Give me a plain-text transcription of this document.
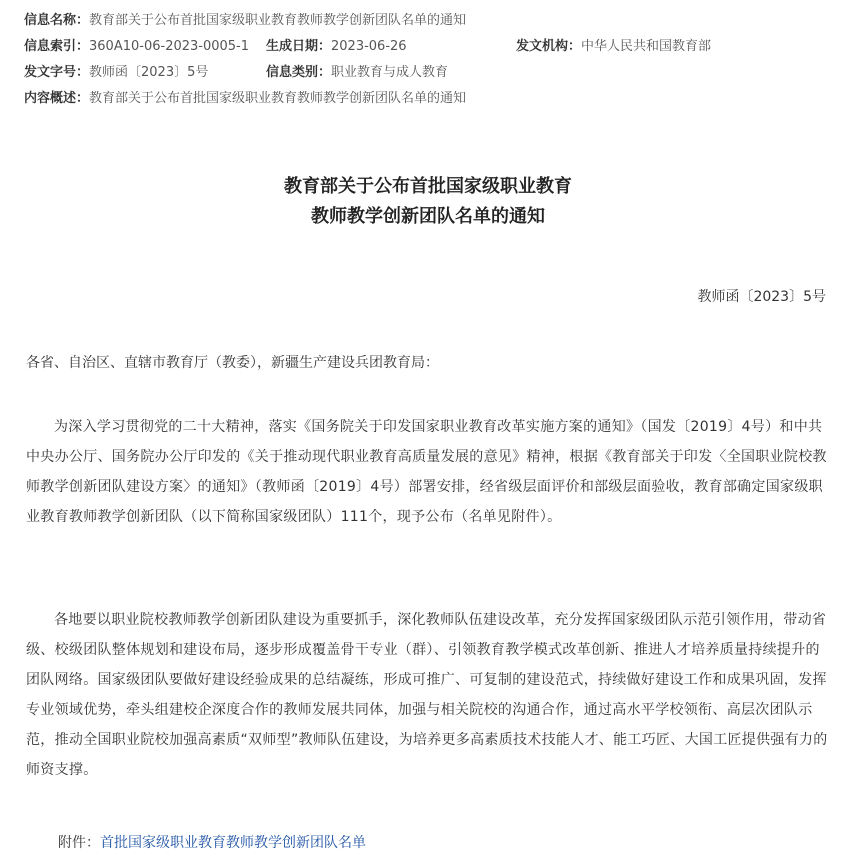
信息名称：教育部关于公布首批国家级职业教育教师教学创新团队名单的通知
信息索引：360A10-06-2023-0005-1 生成日期：2023-06-26	发文机构：中华人民共和国教育部
发文字号：教师函〔2023〕5号	信息类别：职业教育与成人教育
内容概述：教育部关于公布首批国家级职业教育教师教学创新团队名单的通知
教育部关于公布首批国家级职业教育
教师教学创新团队名单的通知
教师函〔2023〕5号
各省、自治区、直辖市教育厅（教委），新疆生产建设兵团教育局：
为深入学习贯彻党的二十大精神，落实《国务院关于印发国家职业教育改革实施方案的通知》（国发〔2019〕4号）和中共中央办公厅、国务院办公厅印发的《关于推动现代职业教育高质量发展的意见》精神，根据《教育部关于印发〈全国职业院校教师教学创新团队建设方案〉的通知》（教师函〔2019〕4号）部署安排，经省级层面评价和部级层面验收，教育部确定国家级职业教育教师教学创新团队（以下简称国家级团队）111个，现予公布（名单见附件）。
各地要以职业院校教师教学创新团队建设为重要抓手，深化教师队伍建设改革，充分发挥国家级团队示范引领作用，带动省级、校级团队整体规划和建设布局，逐步形成覆盖骨干专业（群）、引领教育教学模式改革创新、推进人才培养质量持续提升的团队网络。国家级团队要做好建设经验成果的总结凝练，形成可推广、可复制的建设范式，持续做好建设工作和成果巩固，发挥专业领域优势，牵头组建校企深度合作的教师发展共同体，加强与相关院校的沟通合作，通过高水平学校领衔、高层次团队示范，推动全国职业院校加强高素质“双师型”教师队伍建设，为培养更多高素质技术技能人才、能工巧匠、大国工匠提供强有力的师资支撑。
附件：首批国家级职业教育教师教学创新团队名单
